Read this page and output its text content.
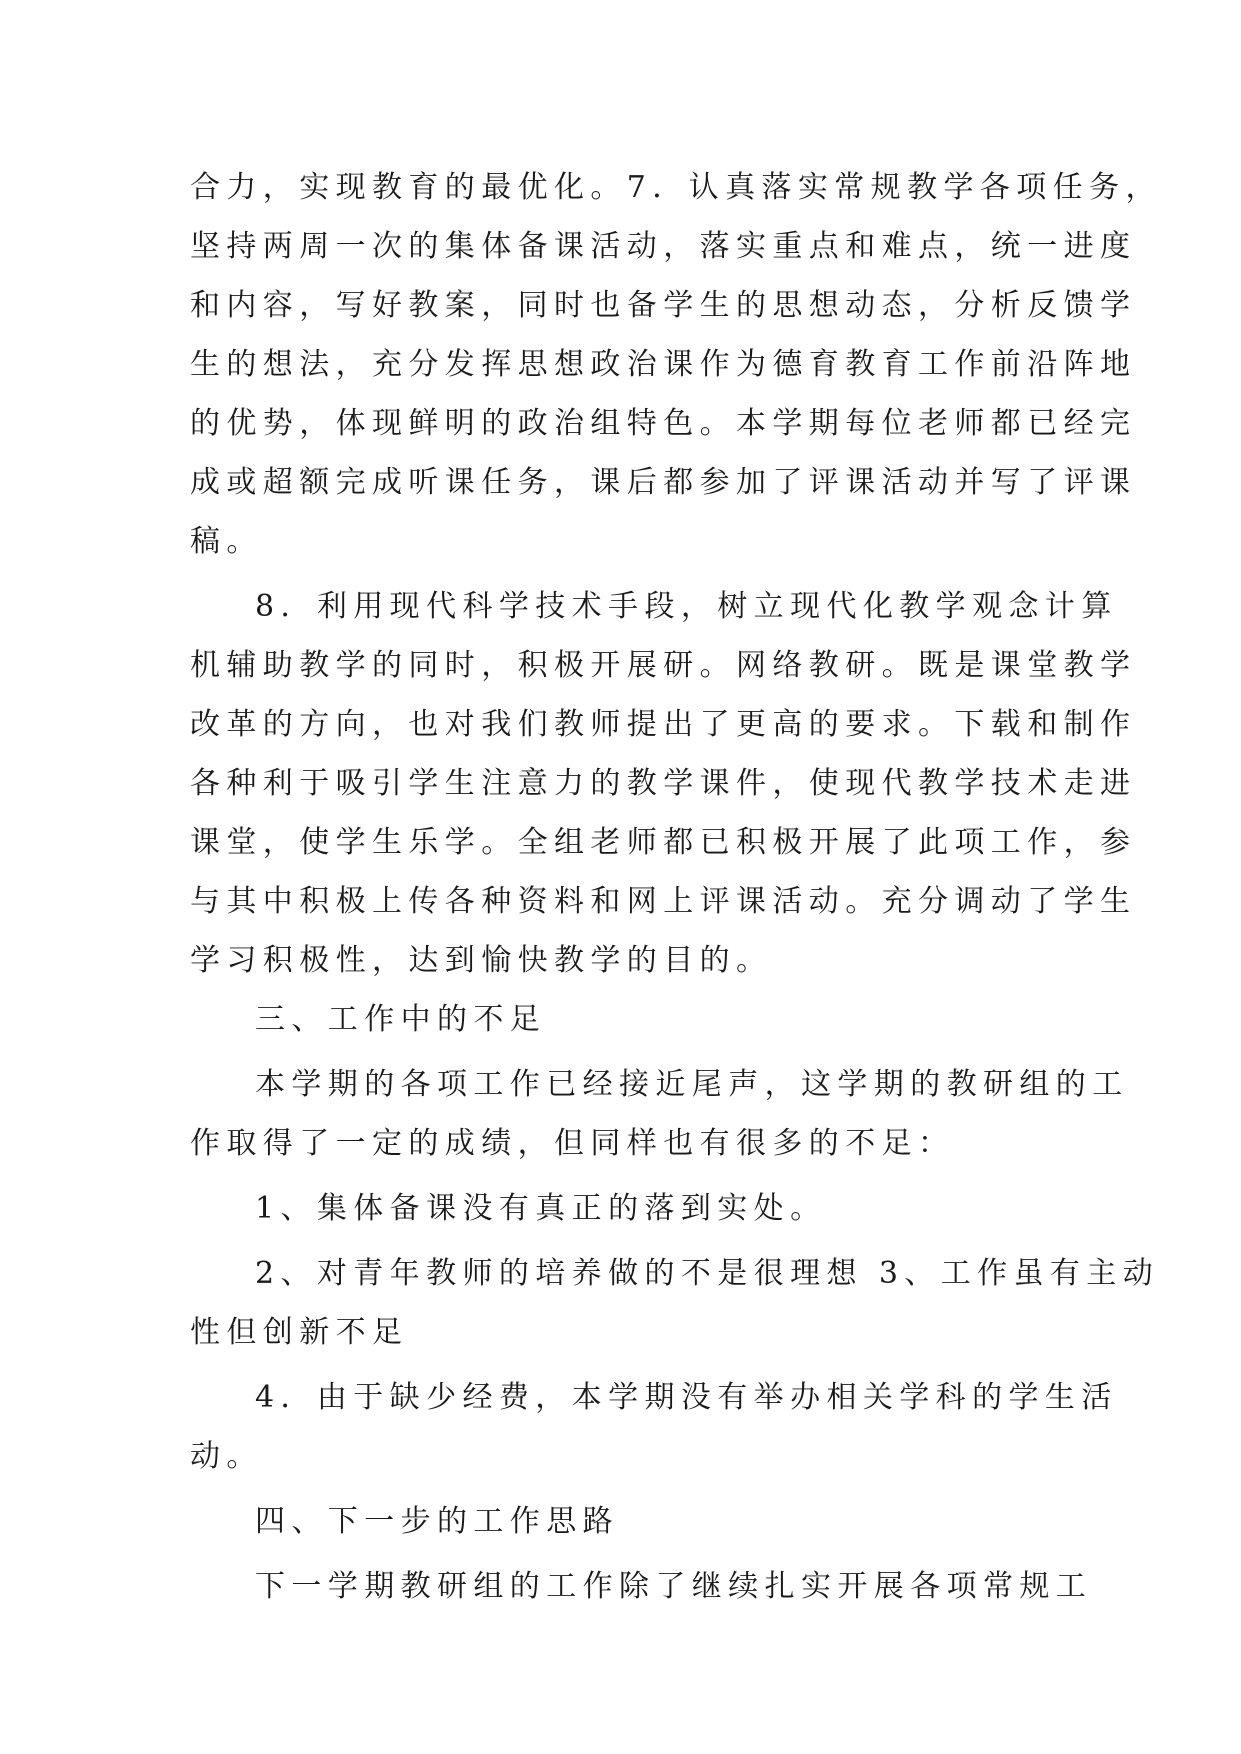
合力，实现教育的最优化。7．认真落实常规教学各项任务，
坚持两周一次的集体备课活动，落实重点和难点，统一进度
和内容，写好教案，同时也备学生的思想动态，分析反馈学
生的想法，充分发挥思想政治课作为德育教育工作前沿阵地
的优势，体现鲜明的政治组特色。本学期每位老师都已经完
成或超额完成听课任务，课后都参加了评课活动并写了评课
稿。
8．利用现代科学技术手段，树立现代化教学观念计算
机辅助教学的同时，积极开展研。网络教研。既是课堂教学
改革的方向，也对我们教师提出了更高的要求。下载和制作
各种利于吸引学生注意力的教学课件，使现代教学技术走进
课堂，使学生乐学。全组老师都已积极开展了此项工作，参
与其中积极上传各种资料和网上评课活动。充分调动了学生
学习积极性，达到愉快教学的目的。
三、工作中的不足
本学期的各项工作已经接近尾声，这学期的教研组的工
作取得了一定的成绩，但同样也有很多的不足：
1、集体备课没有真正的落到实处。
2、对青年教师的培养做的不是很理想 3、工作虽有主动
性但创新不足
4．由于缺少经费，本学期没有举办相关学科的学生活
动。
四、下一步的工作思路
下一学期教研组的工作除了继续扎实开展各项常规工
